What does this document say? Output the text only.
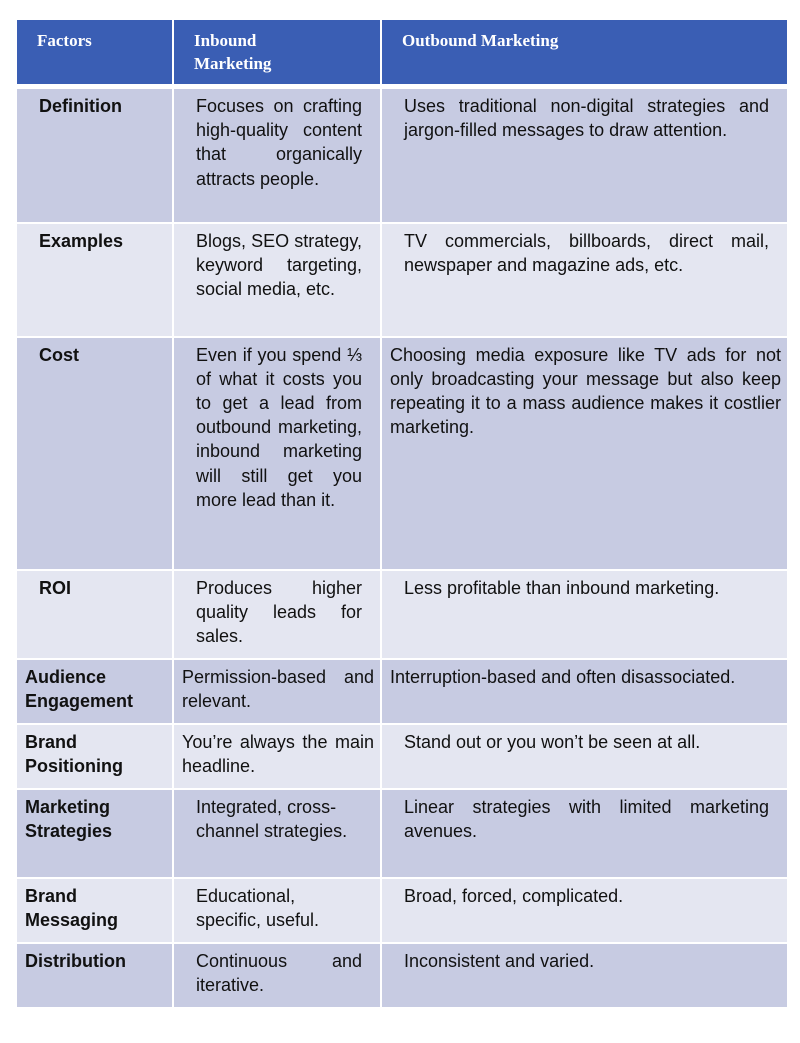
Factors	Inbound Marketing	Outbound Marketing
Definition	Focuses on crafting high-quality content that organically attracts people.	Uses traditional non-digital strategies and jargon-filled messages to draw attention.
Examples	Blogs, SEO strategy, keyword targeting, social media, etc.	TV commercials, billboards, direct mail, newspaper and magazine ads, etc.
Cost	Even if you spend ⅓ of what it costs you to get a lead from outbound marketing, inbound marketing will still get you more lead than it.	Choosing media exposure like TV ads for not only broadcasting your message but also keep repeating it to a mass audience makes it costlier marketing.
ROI	Produces higher quality leads for sales.	Less profitable than inbound marketing.
Audience Engagement	Permission-based and relevant.	Interruption-based and often disassociated.
Brand Positioning	You’re always the main headline.	Stand out or you won’t be seen at all.
Marketing Strategies	Integrated, cross-channel strategies.	Linear strategies with limited marketing avenues.
Brand Messaging	Educational, specific, useful.	Broad, forced, complicated.
Distribution	Continuous and iterative.	Inconsistent and varied.
